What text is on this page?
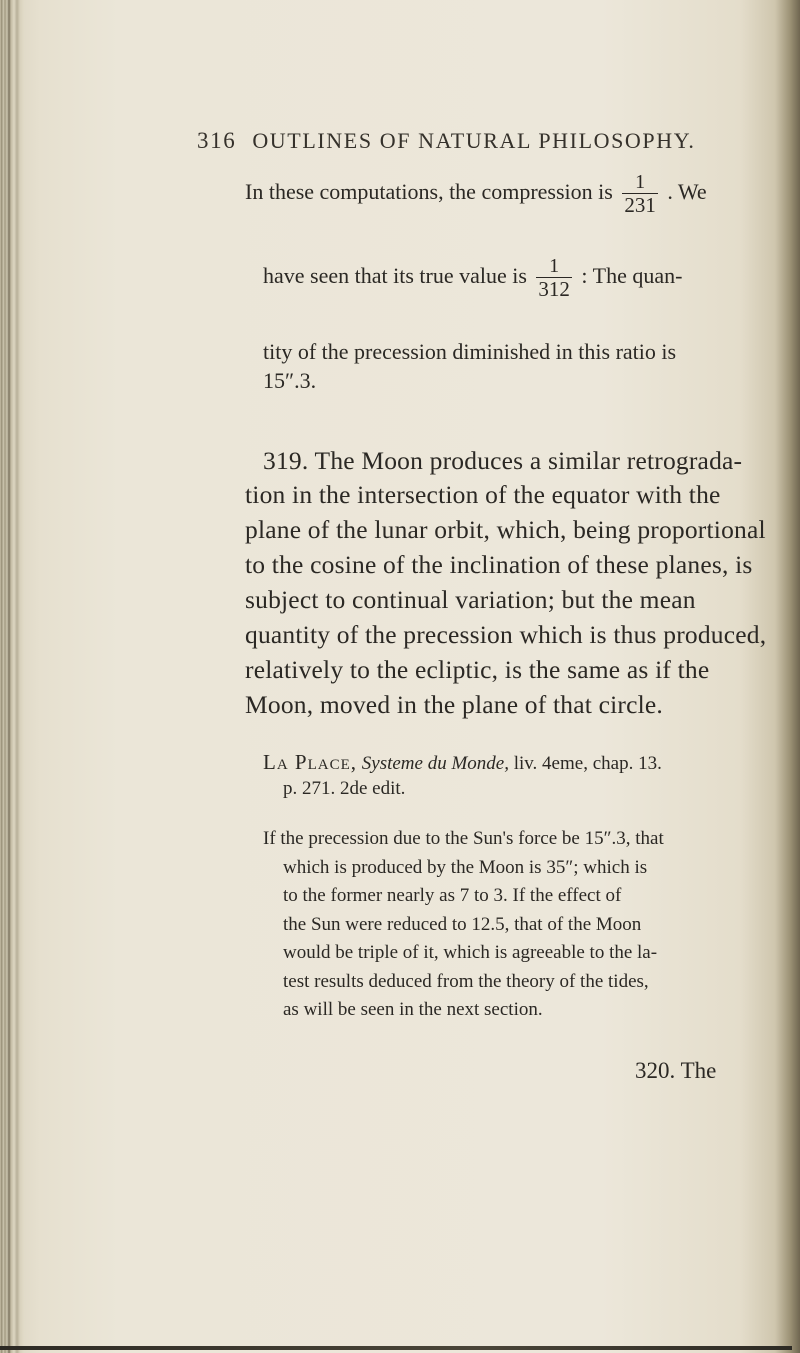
316 OUTLINES OF NATURAL PHILOSOPHY.
In these computations, the compression is $\frac{1}{231}$ . We
have seen that its true value is $\frac{1}{312}$ : The quan-
tity of the precession diminished in this ratio is
15″.3.
319. The Moon produces a similar retrograda-
tion in the intersection of the equator with the
plane of the lunar orbit, which, being proportional
to the cosine of the inclination of these planes, is
subject to continual variation; but the mean
quantity of the precession which is thus produced,
relatively to the ecliptic, is the same as if the
Moon, moved in the plane of that circle.
La Place, Systeme du Monde, liv. 4eme, chap. 13.
p. 271. 2de edit.
If the precession due to the Sun's force be 15″.3, that
which is produced by the Moon is 35″; which is
to the former nearly as 7 to 3. If the effect of
the Sun were reduced to 12.5, that of the Moon
would be triple of it, which is agreeable to the la-
test results deduced from the theory of the tides,
as will be seen in the next section.
320. The
